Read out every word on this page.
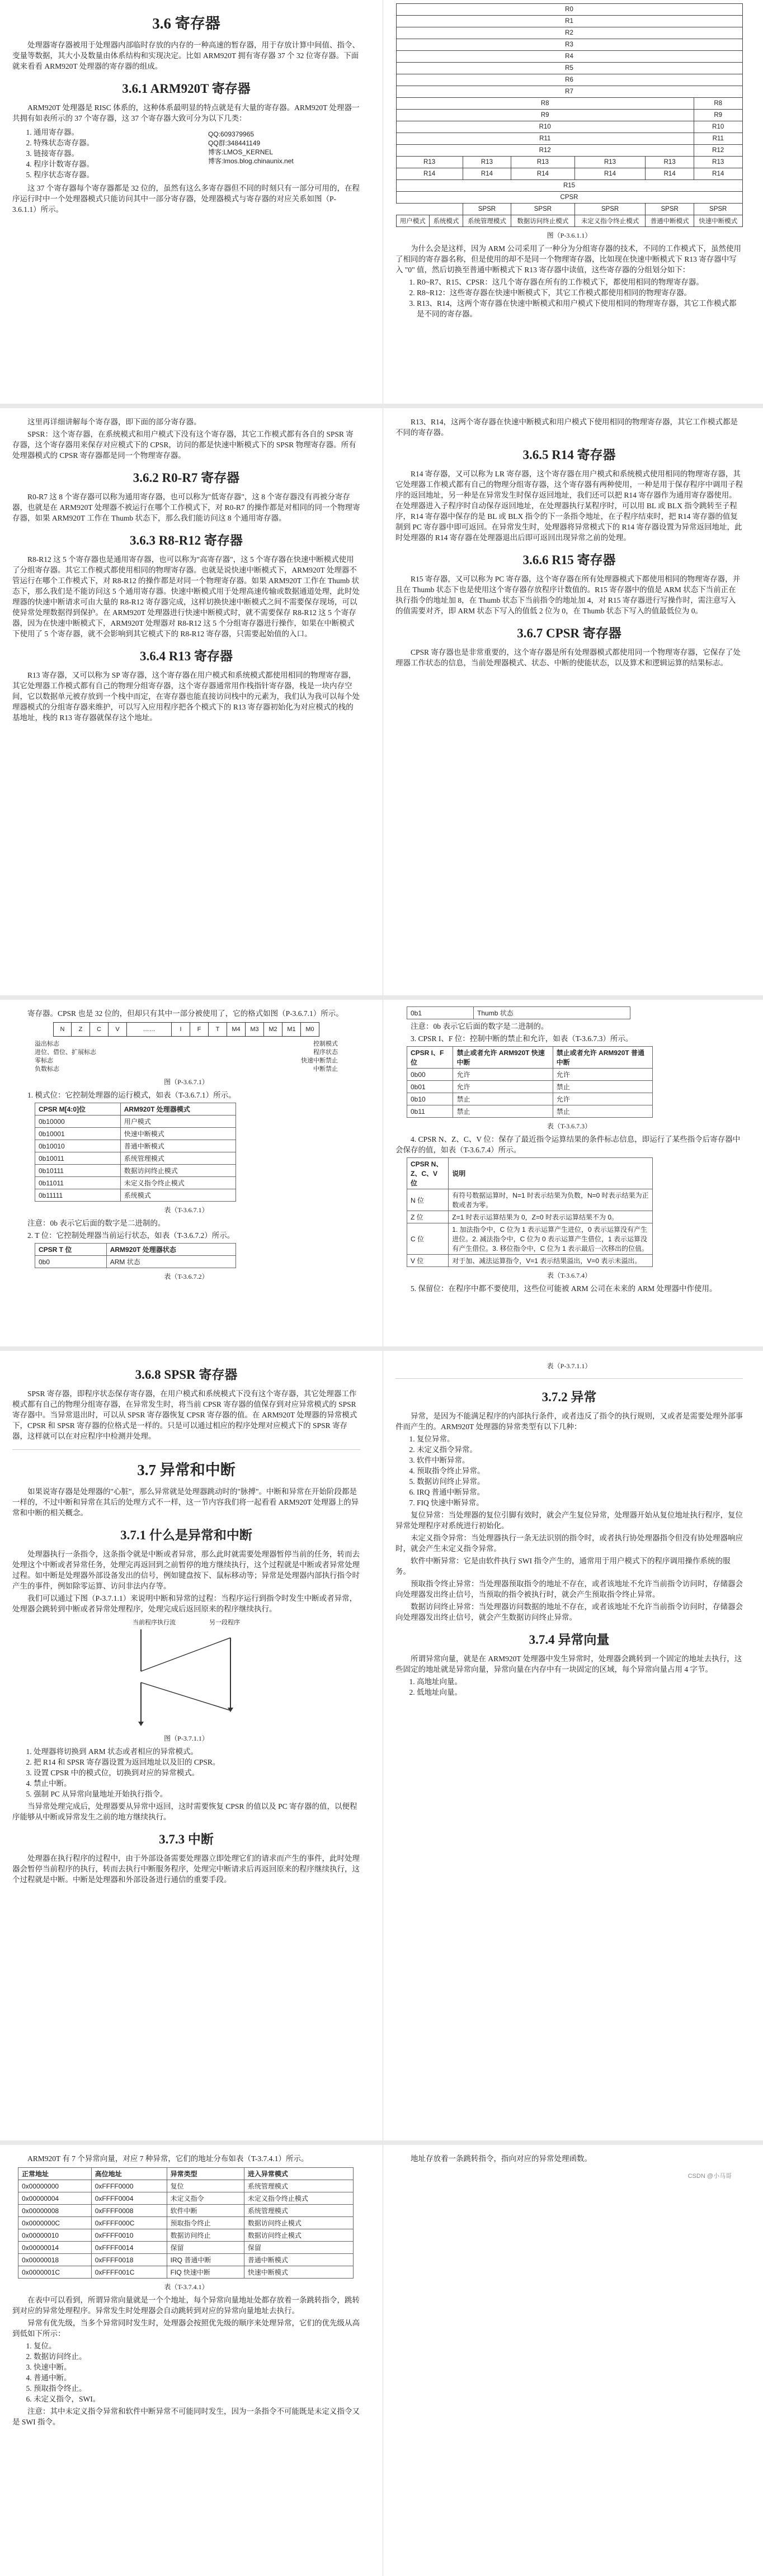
3.6 寄存器

处理器寄存器被用于处理器内部临时存放的内存的一种高速的暂存器，用于存放计算中间值、指令、变量等数据，其大小及数量由体系结构和实现决定。比如 ARM920T 拥有寄存器 37 个 32 位寄存器。下面就来看看 ARM920T 处理器的寄存器的组成。

3.6.1 ARM920T 寄存器

ARM920T 处理器是 RISC 体系的，这种体系最明显的特点就是有大量的寄存器。ARM920T 处理器一共拥有如表所示的 37 个寄存器，这 37 个寄存器大致可分为以下几类：

1. 通用寄存器。
2. 特殊状态寄存器。
3. 链接寄存器。
4. 程序计数寄存器。
5. 程序状态寄存器。
QQ:609379965
QQ群:348441149
博客:LMOS_KERNEL
博客:lmos.blog.chinaunix.net

这 37 个寄存器每个寄存器都是 32 位的，虽然有这么多寄存器但不同的时刻只有一部分可用的，在程序运行时中一个处理器模式只能访问其中一部分寄存器，处理器模式与寄存器的对应关系如图（P-3.6.1.1）所示。

R0						
R1						
R2						
R3						
R4						
R5						
R6						
R7						
R8						R8
R9						R9
R10						R10
R11						R11
R12						R12
R13		R13	R13	R13	R13	R13
R14		R14	R14	R14	R14	R14
R15						
CPSR						
		SPSR	SPSR	SPSR	SPSR	SPSR
用户模式	系统模式	系统管理模式	数据访问终止模式	未定义指令终止模式	普通中断模式	快速中断模式

图（P-3.6.1.1）

为什么会是这样，因为 ARM 公司采用了一种分为分组寄存器的技术，不同的工作模式下，虽然使用了相同的寄存器名称，但是使用的却不是同一个物理寄存器，比如现在快速中断模式下 R13 寄存器中写入 "0" 值，然后切换至普通中断模式下 R13 寄存器中读值，这些寄存器的分组划分如下：

1. R0~R7、R15、CPSR：这几个寄存器在所有的工作模式下，都使用相同的物理寄存器。
2. R8~R12：这些寄存器在快速中断模式下，其它工作模式都使用相同的物理寄存器。
3. R13、R14，这两个寄存器在快速中断模式和用户模式下使用相同的物理寄存器，其它工作模式都是不同的寄存器。

这里再详细讲解每个寄存器，即下面的部分寄存器。

SPSR：这个寄存器，在系统模式和用户模式下没有这个寄存器，其它工作模式都有各自的 SPSR 寄存器，这个寄存器用来保存对应模式下的 CPSR，访问的都是快速中断模式下的 SPSR 物理寄存器。所有处理器模式的 CPSR 寄存器都是同一个物理寄存器。

3.6.2 R0-R7 寄存器

R0-R7 这 8 个寄存器可以称为通用寄存器，也可以称为"低寄存器"，这 8 个寄存器没有再被分寄存器，也就是在 ARM920T 处理器不被运行在哪个工作模式下，对 R0-R7 的操作都是对相同的同一个物理寄存器，如果 ARM920T 工作在 Thumb 状态下，那么我们能访问这 8 个通用寄存器。

3.6.3 R8-R12 寄存器

R8-R12 这 5 个寄存器也是通用寄存器，也可以称为"高寄存器"，这 5 个寄存器在快速中断模式使用了分组寄存器。其它工作模式都使用相同的物理寄存器。也就是说快速中断模式下，ARM920T 处理器不管运行在哪个工作模式下，对 R8-R12 的操作都是对同一个物理寄存器。如果 ARM920T 工作在 Thumb 状态下，那么我们是不能访问这 5 个通用寄存器。快速中断模式用于处理高速传输或数据通道处理，此时处理器的快速中断请求可由大量的 R8-R12 寄存器完成，这样切换快速中断模式之间不需要保存现场，可以使异常处理数据得到保护。在 ARM920T 处理器进行快速中断模式时，就不需要保存 R8-R12 这 5 个寄存器，因为在快速中断模式下，ARM920T 处理器对 R8-R12 这 5 个分组寄存器进行操作，如果在中断模式下使用了 5 个寄存器，就不会影响到其它模式下的 R8-R12 寄存器，只需要起始值的入口。

3.6.4 R13 寄存器

R13 寄存器，又可以称为 SP 寄存器，这个寄存器在用户模式和系统模式都使用相同的物理寄存器，其它处理器工作模式都有自己的物理分组寄存器，这个寄存器通常用作栈指针寄存器，栈是一块内存空间，它以数据单元被存放到一个栈中而定，在寄存器也能直接访问栈中的元素为，我们认为我可以每个处理器模式的分组寄存器来维护，可以写入应用程序把各个模式下的 R13 寄存器初始化为对应模式的栈的基地址，栈的 R13 寄存器就保存这个地址。

R13、R14，这两个寄存器在快速中断模式和用户模式下使用相同的物理寄存器，其它工作模式都是不同的寄存器。

3.6.5 R14 寄存器

R14 寄存器，又可以称为 LR 寄存器，这个寄存器在用户模式和系统模式使用相同的物理寄存器，其它处理器工作模式都有自己的物理分组寄存器，这个寄存器有两种使用，一种是用于保存程序中调用子程序的返回地址，另一种是在异常发生时保存返回地址，我们还可以把 R14 寄存器作为通用寄存器使用。在处理器进入子程序时自动保存返回地址，在处理器执行某程序时，可以用 BL 或 BLX 指令跳转至子程序，R14 寄存器中保存的是 BL 或 BLX 指令的下一条指令地址，在子程序结束时，把 R14 寄存器的值复制到 PC 寄存器中即可返回。在异常发生时，处理器将异常模式下的 R14 寄存器设置为异常返回地址，此时处理器的 R14 寄存器在处理器退出后即可返回出现异常之前的处理。

3.6.6 R15 寄存器

R15 寄存器，又可以称为 PC 寄存器，这个寄存器在所有处理器模式下都使用相同的物理寄存器，并且在 Thumb 状态下也是使用这个寄存器存放程序计数值的。R15 寄存器中的值是 ARM 状态下当前正在执行指令的地址加 8，在 Thumb 状态下当前指令的地址加 4，对 R15 寄存器进行写操作时，需注意写入的值需要对齐，即 ARM 状态下写入的值低 2 位为 0，在 Thumb 状态下写入的值最低位为 0。

3.6.7 CPSR 寄存器

CPSR 寄存器也是非常重要的，这个寄存器是所有处理器模式都使用同一个物理寄存器，它保存了处理器工作状态的信息，当前处理器模式、状态、中断的使能状态，以及算术和逻辑运算的结果标志。

寄存器。CPSR 也是 32 位的，但却只有其中一部分被使用了，它的格式如图（P-3.6.7.1）所示。

N	Z	C	V	……	I	F	T	M4	M3	M2	M1	M0
溢出标志
进位、借位、扩展标志
零标志
负数标志
控制模式
程序状态
快速中断禁止
中断禁止

图（P-3.6.7.1）

1. 模式位：它控制处理器的运行模式，如表（T-3.6.7.1）所示。

CPSR M[4:0]位	ARM920T 处理器模式
0b10000	用户模式
0b10001	快速中断模式
0b10010	普通中断模式
0b10011	系统管理模式
0b10111	数据访问终止模式
0b11011	未定义指令终止模式
0b11111	系统模式

表（T-3.6.7.1）

注意：0b 表示它后面的数字是二进制的。

2. T 位：它控制处理器当前运行状态，如表（T-3.6.7.2）所示。

CPSR T 位	ARM920T 处理器状态
0b0	ARM 状态

表（T-3.6.7.2）

0b1	Thumb 状态

注意：0b 表示它后面的数字是二进制的。

3. CPSR I、F 位：控制中断的禁止和允许，如表（T-3.6.7.3）所示。

CPSR I、F 位	禁止或者允许 ARM920T 快速中断	禁止或者允许 ARM920T 普通中断
0b00	允许	允许
0b01	允许	禁止
0b10	禁止	允许
0b11	禁止	禁止

表（T-3.6.7.3）

4. CPSR N、Z、C、V 位：保存了最近指令运算结果的条件标志信息，即运行了某些指令后寄存器中会保存的值，如表（T-3.6.7.4）所示。

CPSR N、Z、C、V 位	说明
N 位	有符号数据运算时，N=1 时表示结果为负数，N=0 时表示结果为正数或者为零。
Z 位	Z=1 时表示运算结果为 0，Z=0 时表示运算结果不为 0。
C 位	1. 加法指令中，C 位为 1 表示运算产生进位，0 表示运算没有产生进位。2. 减法指令中，C 位为 0 表示运算产生借位，1 表示运算没有产生借位。3. 移位指令中，C 位为 1 表示最后一次移出的位值。
V 位	对于加、减法运算指令，V=1 表示结果溢出，V=0 表示未溢出。

表（T-3.6.7.4）

5. 保留位：在程序中都不要使用，这些位可能被 ARM 公司在未来的 ARM 处理器中作使用。

3.6.8 SPSR 寄存器

SPSR 寄存器，即程序状态保存寄存器，在用户模式和系统模式下没有这个寄存器，其它处理器工作模式都有自己的物理分组寄存器，在异常发生时，将当前 CPSR 寄存器的值保存到对应异常模式的 SPSR 寄存器中。当异常退出时，可以从 SPSR 寄存器恢复 CPSR 寄存器的值。在 ARM920T 处理器的异常模式下，CPSR 和 SPSR 寄存器的位格式是一样的。只是可以通过相应的程序处理对应模式下的 SPSR 寄存器，这样就可以在对应程序中检测并处理。

3.7 异常和中断

如果说寄存器是处理器的"心脏"，那么异常就是处理器跳动时的"脉搏"。中断和异常在开始阶段都是一样的，不过中断和异常在其后的处理方式不一样，这一节内容我们将一起看看 ARM920T 处理器上的异常和中断的相关概念。

3.7.1 什么是异常和中断

处理器执行一条指令，这条指令就是中断或者异常，那么此时就需要处理器暂停当前的任务，转而去处理这个中断或者异常任务，处理完再返回到之前暂停的地方继续执行，这个过程就是中断或者异常处理过程。如中断是处理器外部设备发出的信号，例如键盘按下、鼠标移动等；异常是处理器内部执行指令时产生的事件，例如除零运算、访问非法内存等。

我们可以通过下图（P-3.7.1.1）来说明中断和异常的过程：当程序运行到指令时发生中断或者异常，处理器会跳转到中断或者异常处理程序，处理完成后返回原来的程序继续执行。

当前程序执行流	另一段程序

图（P-3.7.1.1）

1. 处理器将切换到 ARM 状态或者相应的异常模式。
2. 把 R14 和 SPSR 寄存器设置为返回地址以及旧的 CPSR。
3. 设置 CPSR 中的模式位，切换到对应的异常模式。
4. 禁止中断。
5. 强制 PC 从异常向量地址开始执行指令。

当异常处理完成后，处理器要从异常中返回，这时需要恢复 CPSR 的值以及 PC 寄存器的值，以便程序能够从中断或异常发生之前的地方继续执行。

3.7.3 中断

处理器在执行程序的过程中，由于外部设备需要处理器立即处理它们的请求而产生的事件，此时处理器会暂停当前程序的执行，转而去执行中断服务程序，处理完中断请求后再返回原来的程序继续执行，这个过程就是中断。中断是处理器和外部设备进行通信的重要手段。

表（P-3.7.1.1）

3.7.2 异常

异常，是因为不能满足程序的内部执行条件，或者违反了指令的执行规则，又或者是需要处理外部事件而产生的。ARM920T 处理器的异常类型有以下几种：

1. 复位异常。
2. 未定义指令异常。
3. 软件中断异常。
4. 预取指令终止异常。
5. 数据访问终止异常。
6. IRQ 普通中断异常。
7. FIQ 快速中断异常。

复位异常：当处理器的复位引脚有效时，就会产生复位异常，处理器开始从复位地址执行程序，复位异常处理程序对系统进行初始化。

未定义指令异常：当处理器执行一条无法识别的指令时，或者执行协处理器指令但没有协处理器响应时，就会产生未定义指令异常。

软件中断异常：它是由软件执行 SWI 指令产生的，通常用于用户模式下的程序调用操作系统的服务。

预取指令终止异常：当处理器预取指令的地址不存在，或者该地址不允许当前指令访问时，存储器会向处理器发出终止信号，当预取的指令被执行时，就会产生预取指令终止异常。

数据访问终止异常：当处理器访问数据的地址不存在，或者该地址不允许当前指令访问时，存储器会向处理器发出终止信号，就会产生数据访问终止异常。

3.7.4 异常向量

所谓异常向量，就是在 ARM920T 处理器中发生异常时，处理器会跳转到一个固定的地址去执行，这些固定的地址就是异常向量，异常向量在内存中有一块固定的区域，每个异常向量占用 4 字节。

1. 高地址向量。
2. 低地址向量。

ARM920T 有 7 个异常向量，对应 7 种异常，它们的地址分布如表（T-3.7.4.1）所示。

正常地址	高位地址	异常类型	进入异常模式
0x00000000	0xFFFF0000	复位	系统管理模式
0x00000004	0xFFFF0004	未定义指令	未定义指令终止模式
0x00000008	0xFFFF0008	软件中断	系统管理模式
0x0000000C	0xFFFF000C	预取指令终止	数据访问终止模式
0x00000010	0xFFFF0010	数据访问终止	数据访问终止模式
0x00000014	0xFFFF0014	保留	保留
0x00000018	0xFFFF0018	IRQ 普通中断	普通中断模式
0x0000001C	0xFFFF001C	FIQ 快速中断	快速中断模式

表（T-3.7.4.1）

在表中可以看到，所谓异常向量就是一个个地址，每个异常向量地址处都存放着一条跳转指令，跳转到对应的异常处理程序。异常发生时处理器会自动跳转到对应的异常向量地址去执行。

异常有优先级，当多个异常同时发生时，处理器会按照优先级的顺序来处理异常，它们的优先级从高到低如下所示：

1. 复位。
2. 数据访问终止。
3. 快速中断。
4. 普通中断。
5. 预取指令终止。
6. 未定义指令，SWI。

注意：其中未定义指令异常和软件中断异常不可能同时发生，因为一条指令不可能既是未定义指令又是 SWI 指令。

地址存放着一条跳转指令，指向对应的异常处理函数。

CSDN @小马哥
